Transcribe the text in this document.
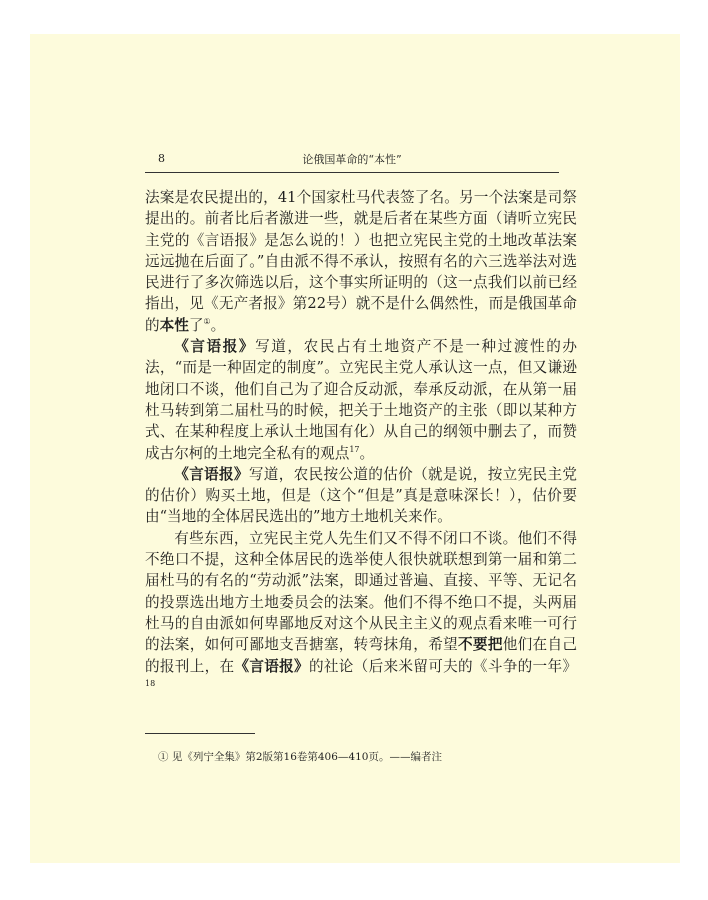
8	论俄国革命的“本性”

法案是农民提出的，41个国家杜马代表签了名。另一个法案是司祭提出的。前者比后者激进一些，就是后者在某些方面（请听立宪民主党的《言语报》是怎么说的！）也把立宪民主党的土地改革法案远远抛在后面了。”自由派不得不承认，按照有名的六三选举法对选民进行了多次筛选以后，这个事实所证明的（这一点我们以前已经指出，见《无产者报》第22号）就不是什么偶然性，而是俄国革命的本性了①。

《言语报》写道，农民占有土地资产不是一种过渡性的办法，“而是一种固定的制度”。立宪民主党人承认这一点，但又谦逊地闭口不谈，他们自己为了迎合反动派，奉承反动派，在从第一届杜马转到第二届杜马的时候，把关于土地资产的主张（即以某种方式、在某种程度上承认土地国有化）从自己的纲领中删去了，而赞成古尔柯的土地完全私有的观点$^{17}$。

《言语报》写道，农民按公道的估价（就是说，按立宪民主党的估价）购买土地，但是（这个“但是”真是意味深长！），估价要由“当地的全体居民选出的”地方土地机关来作。

有些东西，立宪民主党人先生们又不得不闭口不谈。他们不得不绝口不提，这种全体居民的选举使人很快就联想到第一届和第二届杜马的有名的“劳动派”法案，即通过普遍、直接、平等、无记名的投票选出地方土地委员会的法案。他们不得不绝口不提，头两届杜马的自由派如何卑鄙地反对这个从民主主义的观点看来唯一可行的法案，如何可鄙地支吾搪塞，转弯抹角，希望不要把他们在自己的报刊上，在《言语报》的社论（后来米留可夫的《斗争的一年》$^{18}$

① 见《列宁全集》第2版第16卷第406—410页。——编者注
